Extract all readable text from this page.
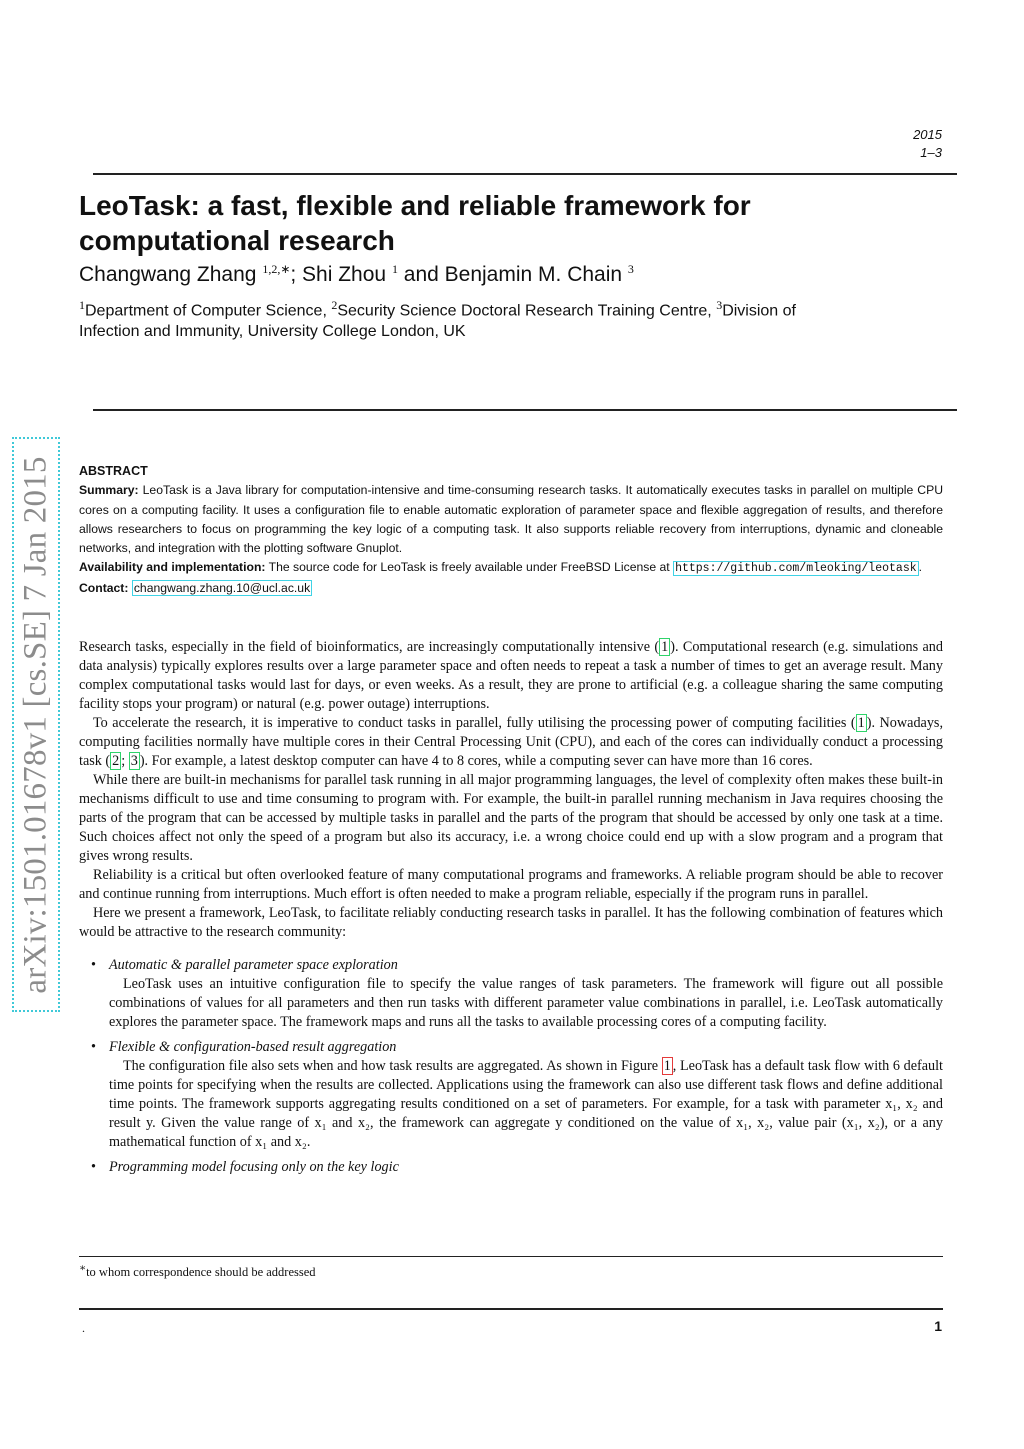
2015
1–3
LeoTask: a fast, flexible and reliable framework for computational research
Changwang Zhang $^{1,2,∗}$; Shi Zhou $^1$ and Benjamin M. Chain $^3$
$^1$Department of Computer Science, $^2$Security Science Doctoral Research Training Centre, $^3$Division of Infection and Immunity, University College London, UK
arXiv:1501.01678v1 [cs.SE] 7 Jan 2015 ABSTRACT
Summary: LeoTask is a Java library for computation-intensive and time-consuming research tasks. It automatically executes tasks in parallel on multiple CPU cores on a computing facility. It uses a configuration file to enable automatic exploration of parameter space and flexible aggregation of results, and therefore allows researchers to focus on programming the key logic of a computing task. It also supports reliable recovery from interruptions, dynamic and cloneable networks, and integration with the plotting software Gnuplot.
Availability and implementation: The source code for LeoTask is freely available under FreeBSD License at https://github.com/mleoking/leotask .
Contact: changwang.zhang.10@ucl.ac.uk

Research tasks, especially in the field of bioinformatics, are increasingly computationally intensive ( 1 ). Computational research (e.g. simulations and data analysis) typically explores results over a large parameter space and often needs to repeat a task a number of times to get an average result. Many complex computational tasks would last for days, or even weeks. As a result, they are prone to artificial (e.g. a colleague sharing the same computing facility stops your program) or natural (e.g. power outage) interruptions.

To accelerate the research, it is imperative to conduct tasks in parallel, fully utilising the processing power of computing facilities ( 1 ). Nowadays, computing facilities normally have multiple cores in their Central Processing Unit (CPU), and each of the cores can individually conduct a processing task ( 2 ; 3 ). For example, a latest desktop computer can have 4 to 8 cores, while a computing sever can have more than 16 cores.

While there are built-in mechanisms for parallel task running in all major programming languages, the level of complexity often makes these built-in mechanisms difficult to use and time consuming to program with. For example, the built-in parallel running mechanism in Java requires choosing the parts of the program that can be accessed by multiple tasks in parallel and the parts of the program that should be accessed by only one task at a time. Such choices affect not only the speed of a program but also its accuracy, i.e. a wrong choice could end up with a slow program and a program that gives wrong results.

Reliability is a critical but often overlooked feature of many computational programs and frameworks. A reliable program should be able to recover and continue running from interruptions. Much effort is often needed to make a program reliable, especially if the program runs in parallel.

Here we present a framework, LeoTask, to facilitate reliably conducting research tasks in parallel. It has the following combination of features which would be attractive to the research community:

• Automatic & parallel parameter space exploration
LeoTask uses an intuitive configuration file to specify the value ranges of task parameters. The framework will figure out all possible combinations of values for all parameters and then run tasks with different parameter value combinations in parallel, i.e. LeoTask automatically explores the parameter space. The framework maps and runs all the tasks to available processing cores of a computing facility.
• Flexible & configuration-based result aggregation
The configuration file also sets when and how task results are aggregated. As shown in Figure 1 , LeoTask has a default task flow with 6 default time points for specifying when the results are collected. Applications using the framework can also use different task flows and define additional time points. The framework supports aggregating results conditioned on a set of parameters. For example, for a task with parameter x₁, x₂ and result y. Given the value range of x₁ and x₂, the framework can aggregate y conditioned on the value of x₁, x₂, value pair (x₁, x₂), or a any mathematical function of x₁ and x₂.
• Programming model focusing only on the key logic
∗to whom correspondence should be addressed
.	1
